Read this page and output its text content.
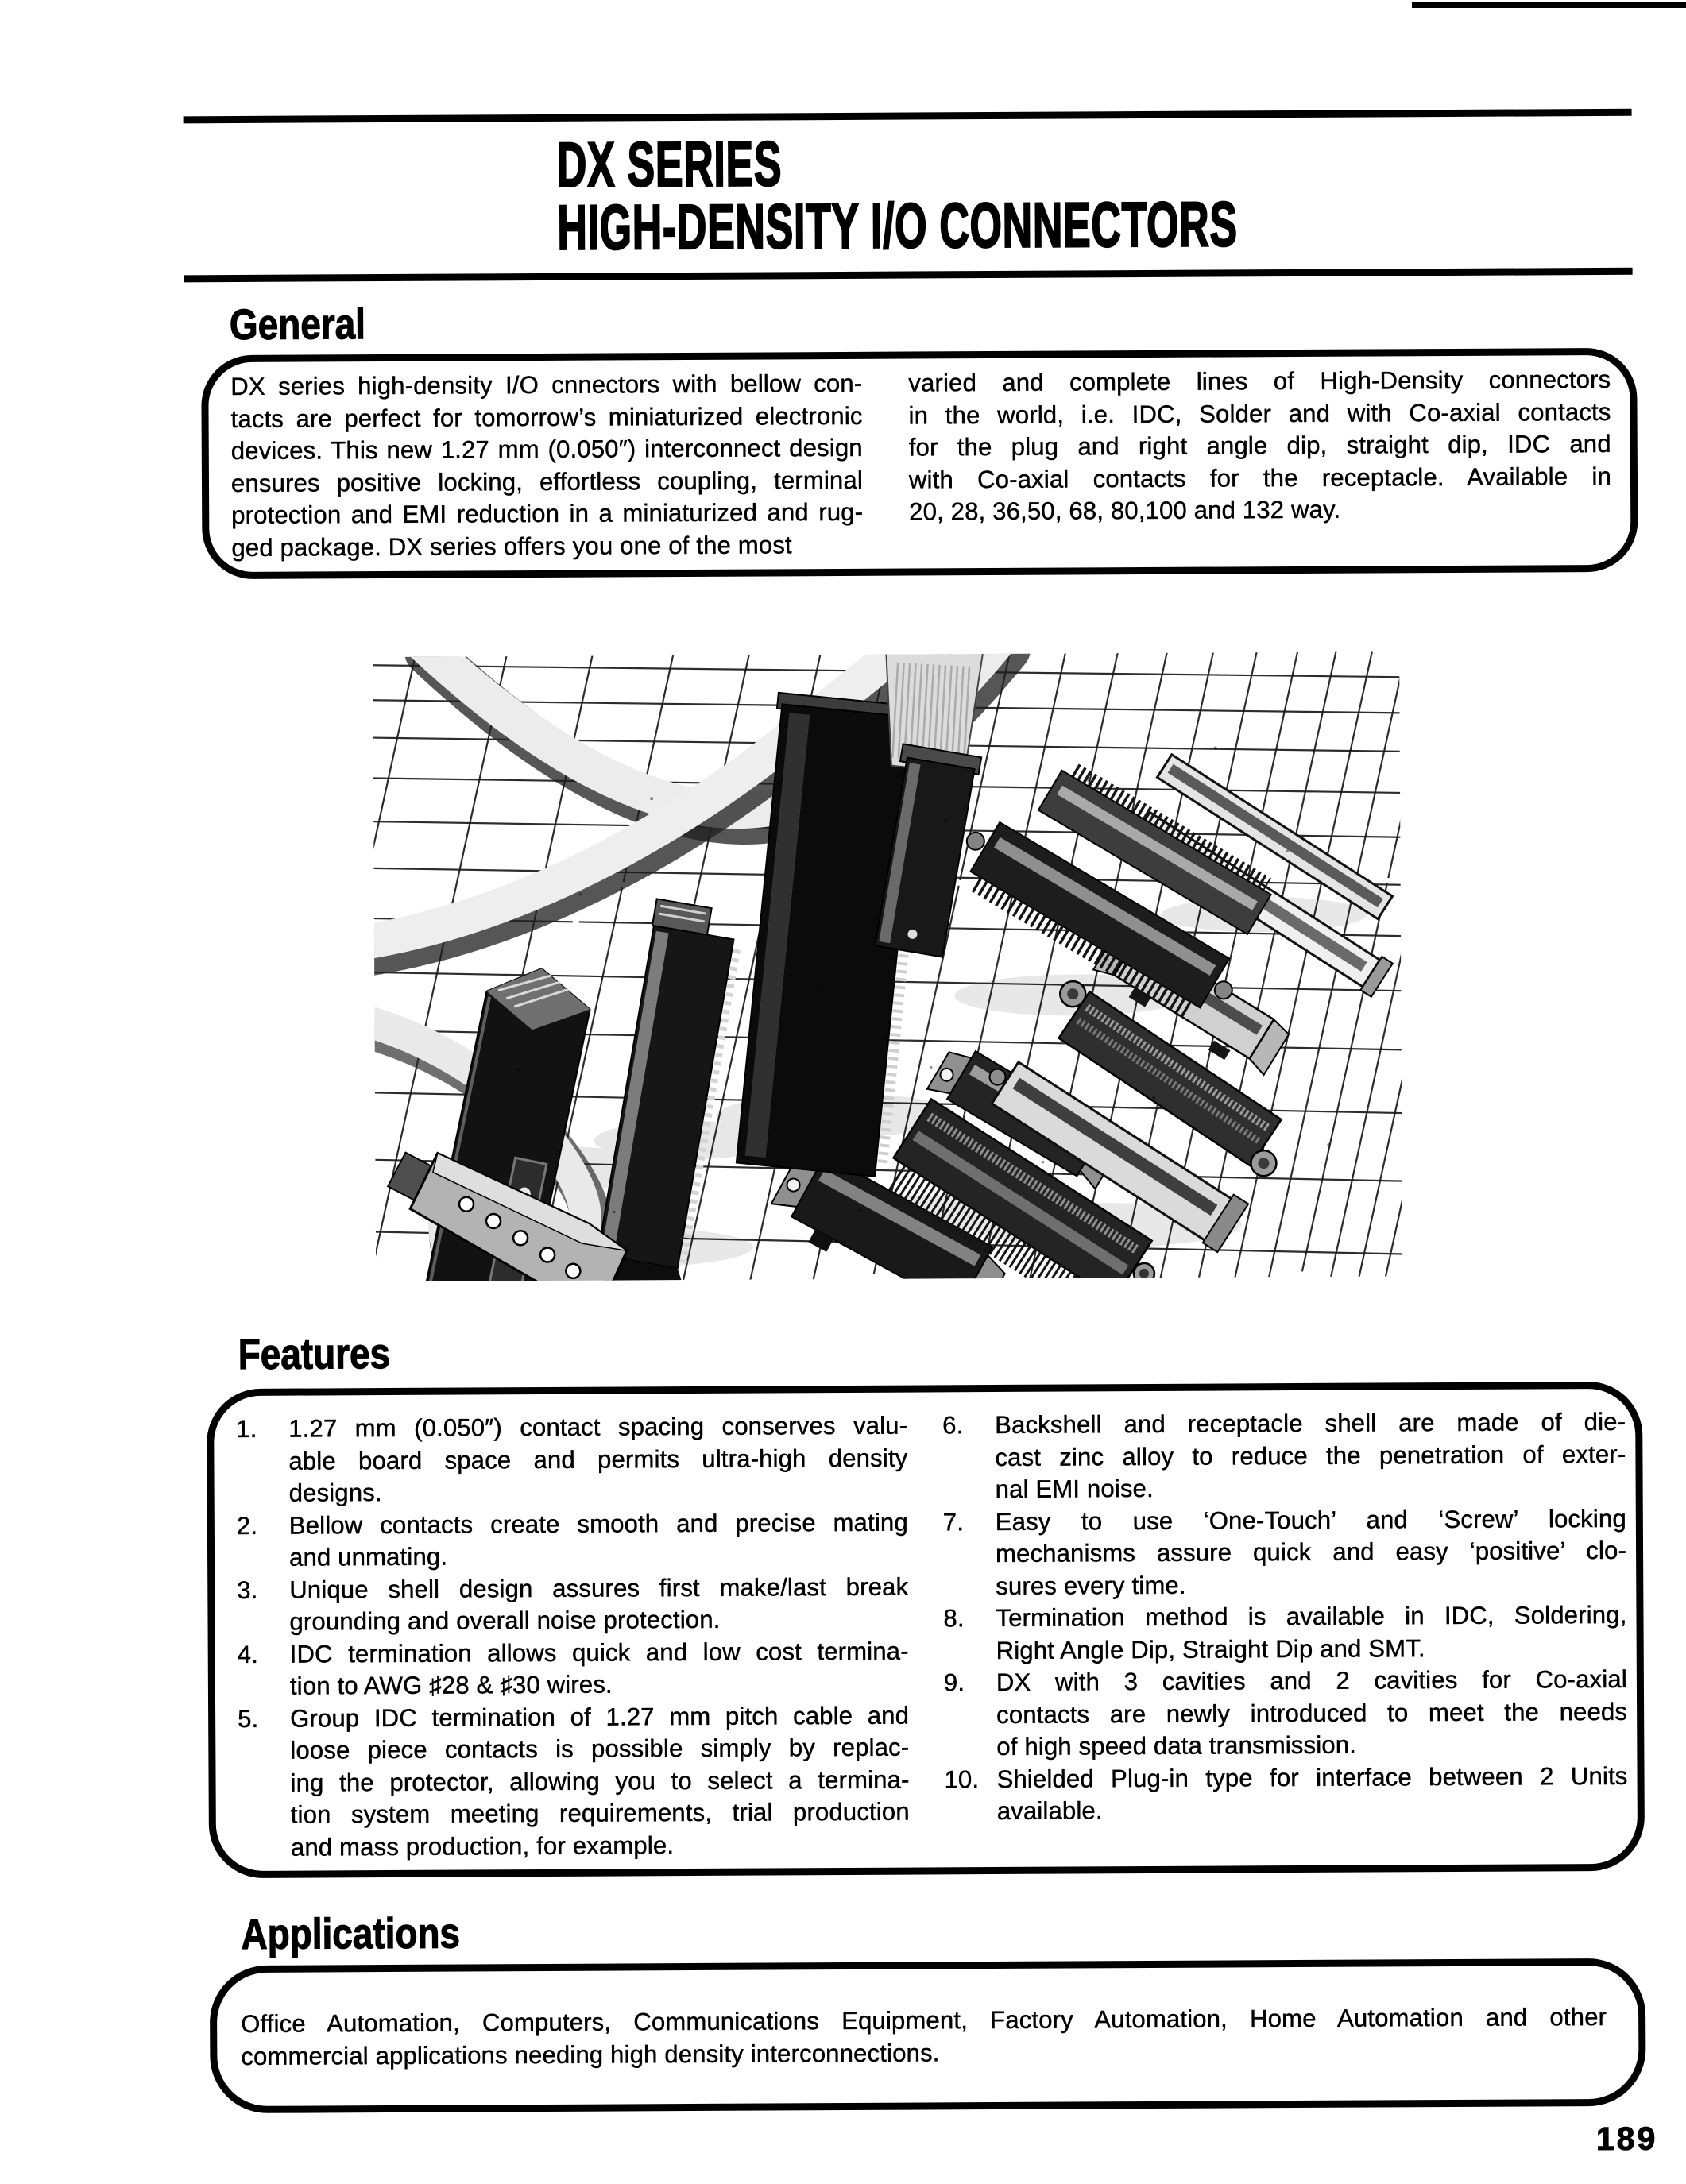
DX SERIES
HIGH-DENSITY I/O CONNECTORS
General
DX series high-density I/O cnnectors with bellow con-
tacts are perfect for tomorrow’s miniaturized electronic
devices. This new 1.27 mm (0.050″) interconnect design
ensures positive locking, effortless coupling, terminal
protection and EMI reduction in a miniaturized and rug-
ged package. DX series offers you one of the most
varied and complete lines of High-Density connectors
in the world, i.e. IDC, Solder and with Co-axial contacts
for the plug and right angle dip, straight dip, IDC and
with Co-axial contacts for the receptacle. Available in
20, 28, 36,50, 68, 80,100 and 132 way.
Features
1.	1.27 mm (0.050″) contact spacing conserves valu-
able board space and permits ultra-high density
designs.
2.	Bellow contacts create smooth and precise mating
and unmating.
3.	Unique shell design assures first make/last break
grounding and overall noise protection.
4.	IDC termination allows quick and low cost termina-
tion to AWG ♯28 & ♯30 wires.
5.	Group IDC termination of 1.27 mm pitch cable and
loose piece contacts is possible simply by replac-
ing the protector, allowing you to select a termina-
tion system meeting requirements, trial production
and mass production, for example.
6.	Backshell and receptacle shell are made of die-
cast zinc alloy to reduce the penetration of exter-
nal EMI noise.
7.	Easy to use ‘One-Touch’ and ‘Screw’ locking
mechanisms assure quick and easy ‘positive’ clo-
sures every time.
8.	Termination method is available in IDC, Soldering,
Right Angle Dip, Straight Dip and SMT.
9.	DX with 3 cavities and 2 cavities for Co-axial
contacts are newly introduced to meet the needs
of high speed data transmission.
10. Shielded Plug-in type for interface between 2 Units
available.
Applications
Office Automation, Computers, Communications Equipment, Factory Automation, Home Automation and other
commercial applications needing high density interconnections.
189
